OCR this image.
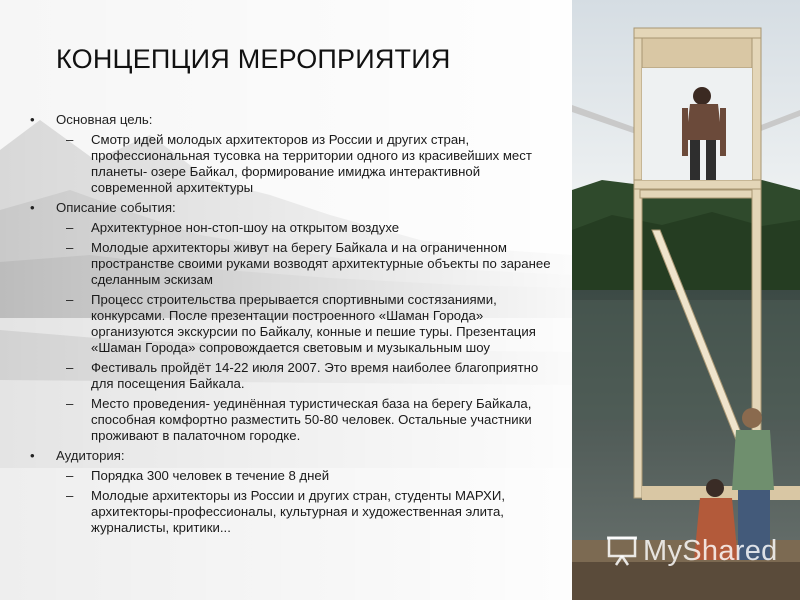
КОНЦЕПЦИЯ МЕРОПРИЯТИЯ
• Основная цель:
– Смотр идей молодых архитекторов из России и других стран, профессиональная тусовка на территории одного из красивейших мест планеты- озере Байкал, формирование имиджа интерактивной современной архитектуры
• Описание события:
– Архитектурное нон-стоп-шоу на открытом воздухе
– Молодые архитекторы живут на берегу Байкала и на ограниченном пространстве своими руками возводят архитектурные объекты по заранее сделанным эскизам
– Процесс строительства прерывается спортивными состязаниями, конкурсами. После презентации построенного «Шаман Города» организуются экскурсии по Байкалу, конные и пешие туры. Презентация «Шаман Города» сопровождается световым и музыкальным шоу
– Фестиваль пройдёт 14-22 июля 2007. Это время наиболее благоприятно для посещения Байкала.
– Место проведения- уединённая туристическая база на берегу Байкала, способная комфортно разместить 50-80 человек. Остальные участники проживают в палаточном городке.
• Аудитория:
– Порядка 300 человек в течение 8 дней
– Молодые архитекторы из России и других стран, студенты МАРХИ, архитекторы-профессионалы, культурная и художественная элита, журналисты, критики...
MyShared
